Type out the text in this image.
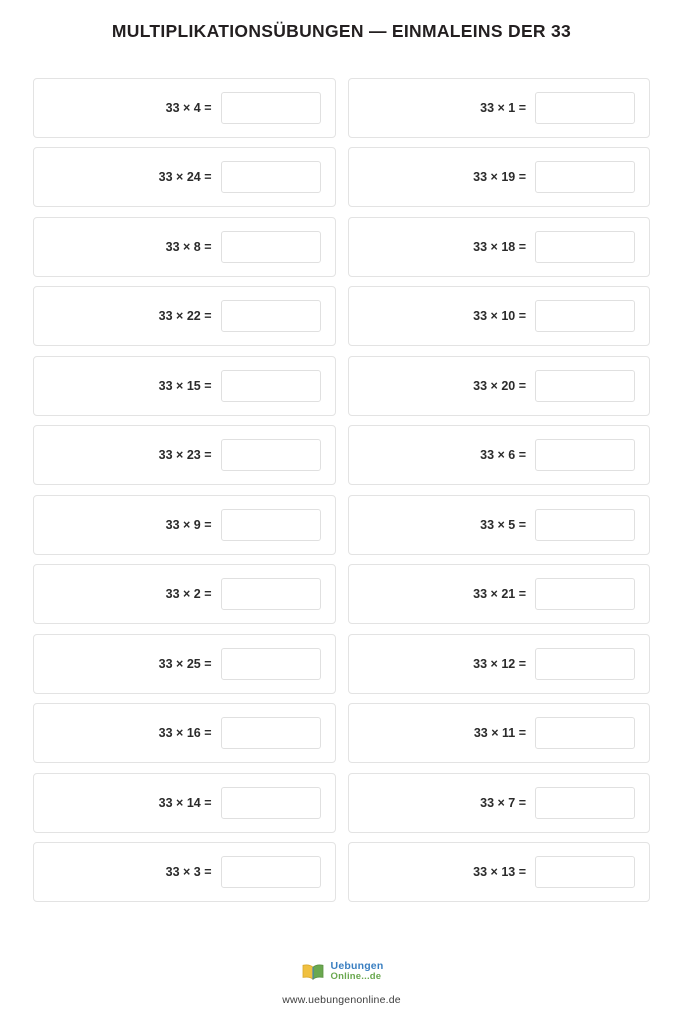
MULTIPLIKATIONSÜBUNGEN — EINMALEINS DER 33
33 × 4 =	33 × 1 =
33 × 24 =	33 × 19 =
33 × 8 =	33 × 18 =
33 × 22 =	33 × 10 =
33 × 15 =	33 × 20 =
33 × 23 =	33 × 6 =
33 × 9 =	33 × 5 =
33 × 2 =	33 × 21 =
33 × 25 =	33 × 12 =
33 × 16 =	33 × 11 =
33 × 14 =	33 × 7 =
33 × 3 =	33 × 13 =
Uebungen
Online...de
www.uebungenonline.de
